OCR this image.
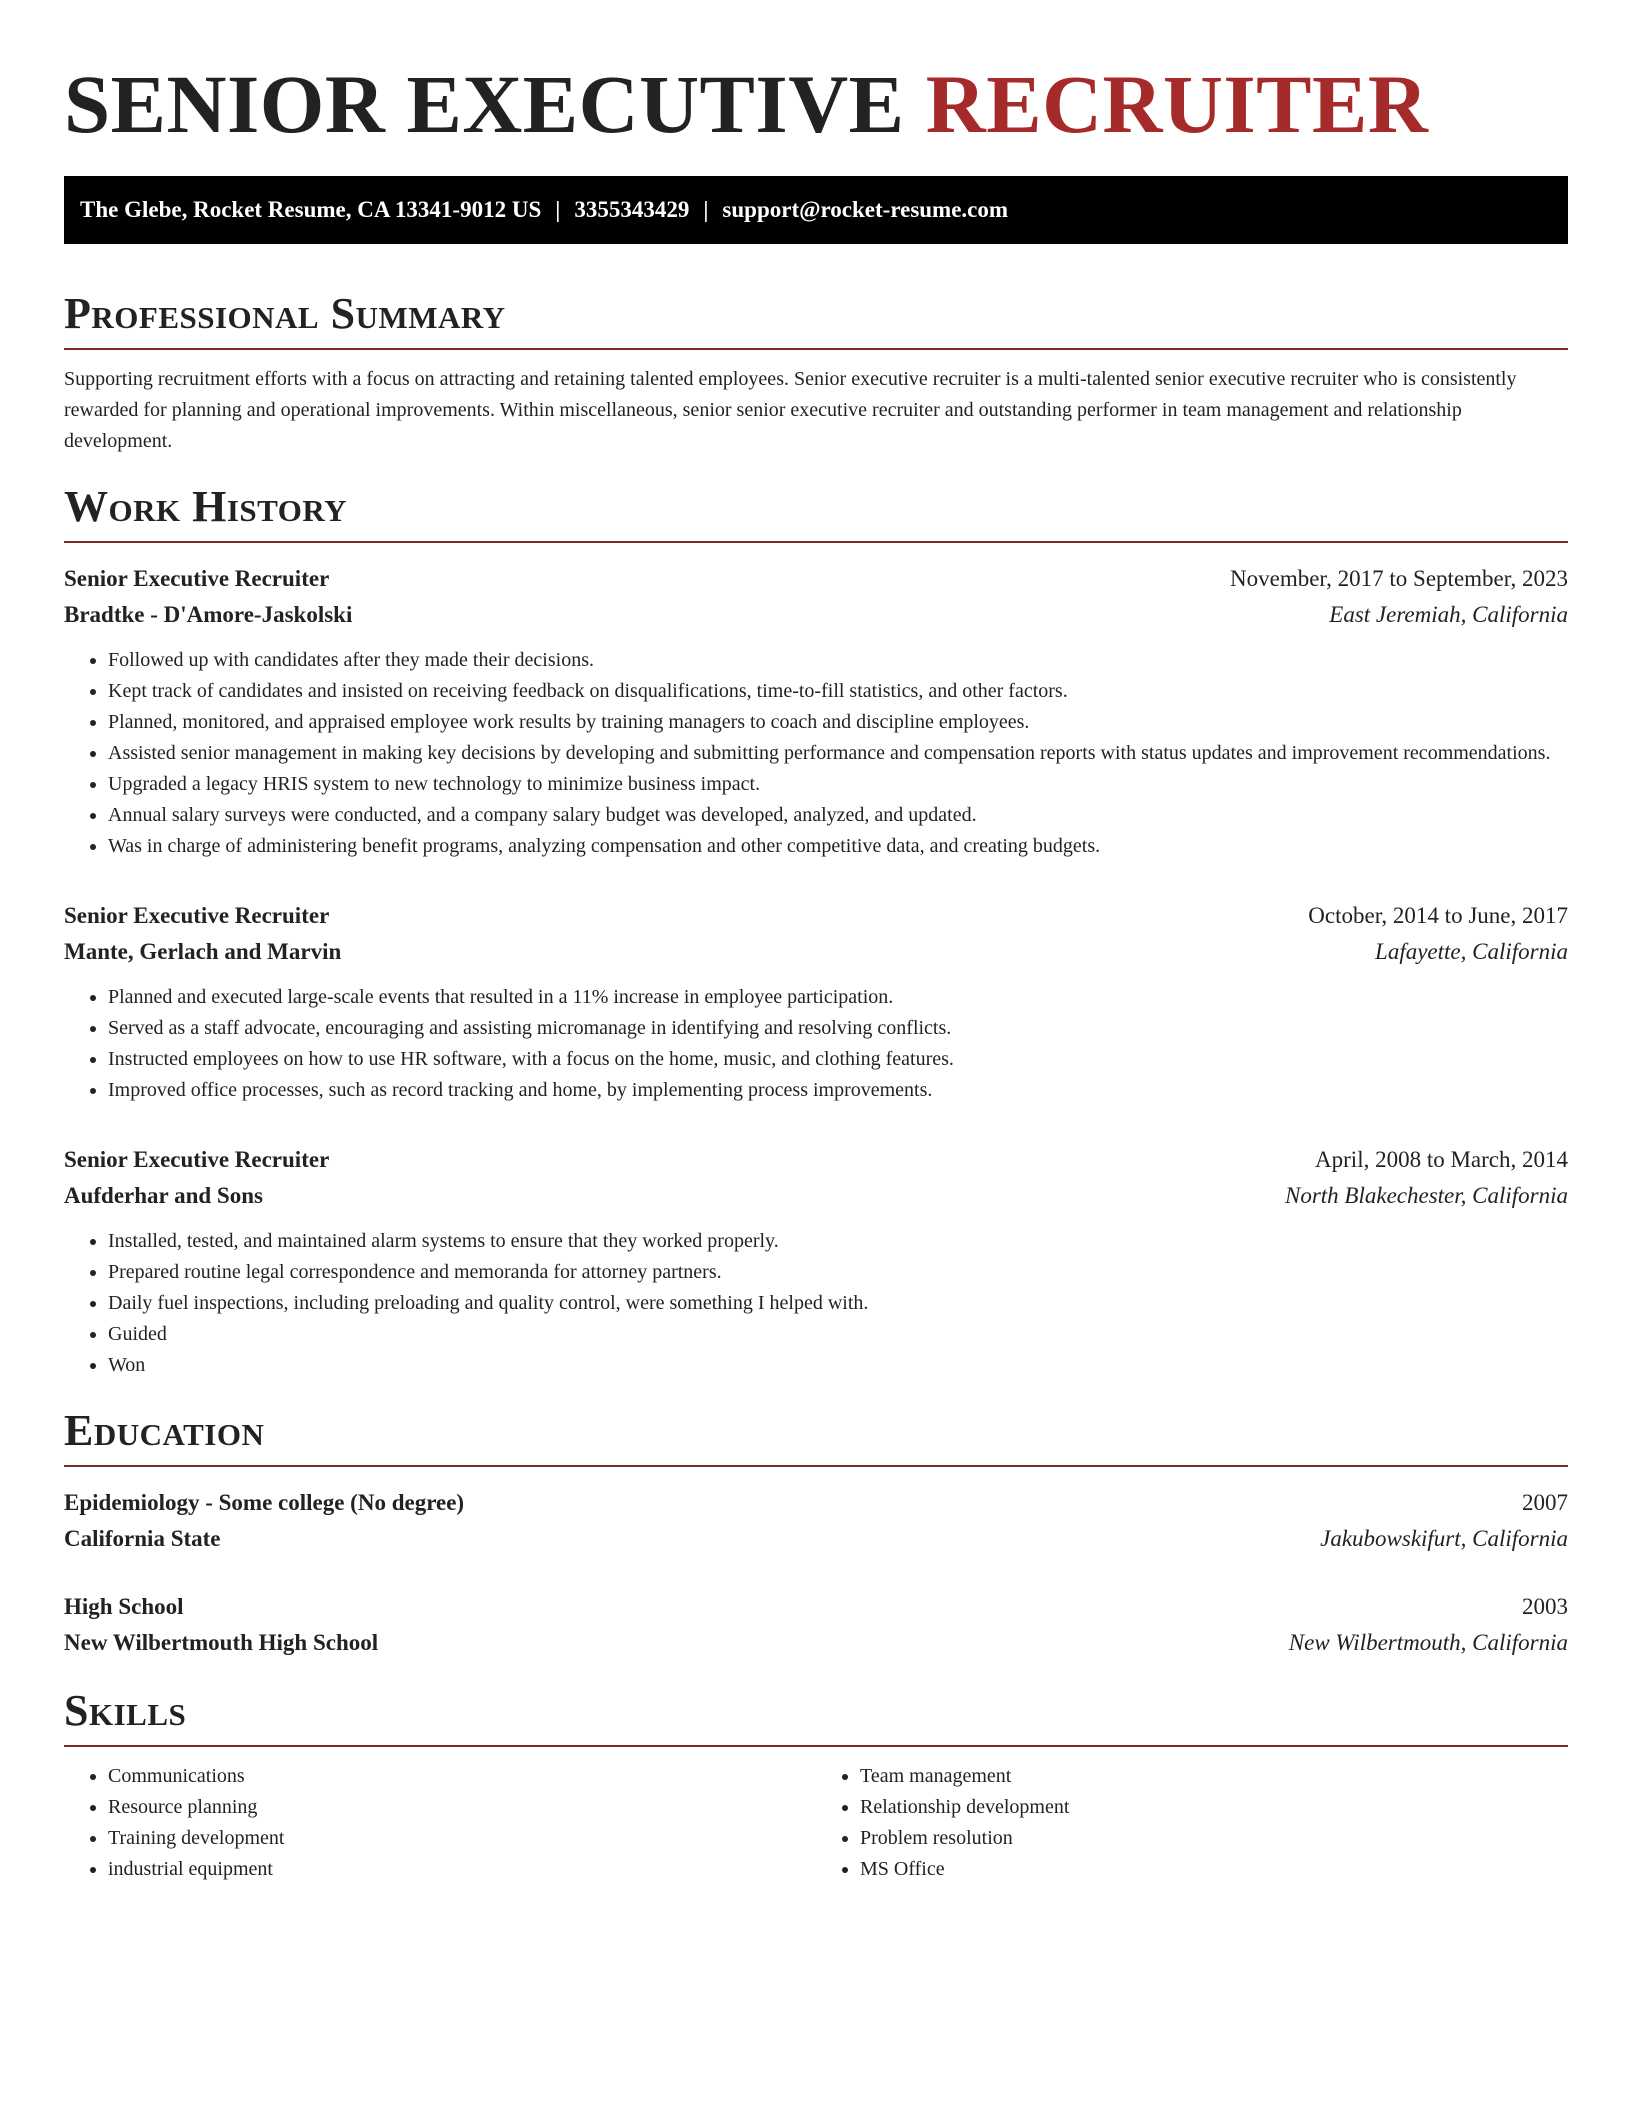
SENIOR EXECUTIVE RECRUITER
The Glebe, Rocket Resume, CA 13341-9012 US | 3355343429 | support@rocket-resume.com
Professional Summary

Supporting recruitment efforts with a focus on attracting and retaining talented employees. Senior executive recruiter is a multi-talented senior executive recruiter who is consistently rewarded for planning and operational improvements. Within miscellaneous, senior senior executive recruiter and outstanding performer in team management and relationship development.

Work History
Senior Executive Recruiter	November, 2017 to September, 2023
Bradtke - D'Amore-Jaskolski	East Jeremiah, California
• Followed up with candidates after they made their decisions.
• Kept track of candidates and insisted on receiving feedback on disqualifications, time-to-fill statistics, and other factors.
• Planned, monitored, and appraised employee work results by training managers to coach and discipline employees.
• Assisted senior management in making key decisions by developing and submitting performance and compensation reports with status updates and improvement recommendations.
• Upgraded a legacy HRIS system to new technology to minimize business impact.
• Annual salary surveys were conducted, and a company salary budget was developed, analyzed, and updated.
• Was in charge of administering benefit programs, analyzing compensation and other competitive data, and creating budgets.
Senior Executive Recruiter	October, 2014 to June, 2017
Mante, Gerlach and Marvin	Lafayette, California
• Planned and executed large-scale events that resulted in a 11% increase in employee participation.
• Served as a staff advocate, encouraging and assisting micromanage in identifying and resolving conflicts.
• Instructed employees on how to use HR software, with a focus on the home, music, and clothing features.
• Improved office processes, such as record tracking and home, by implementing process improvements.
Senior Executive Recruiter	April, 2008 to March, 2014
Aufderhar and Sons	North Blakechester, California
• Installed, tested, and maintained alarm systems to ensure that they worked properly.
• Prepared routine legal correspondence and memoranda for attorney partners.
• Daily fuel inspections, including preloading and quality control, were something I helped with.
• Guided
• Won
Education
Epidemiology - Some college (No degree)	2007
California State	Jakubowskifurt, California
High School	2003
New Wilbertmouth High School	New Wilbertmouth, California
Skills
• Communications
• Resource planning
• Training development
• industrial equipment
• Team management
• Relationship development
• Problem resolution
• MS Office
